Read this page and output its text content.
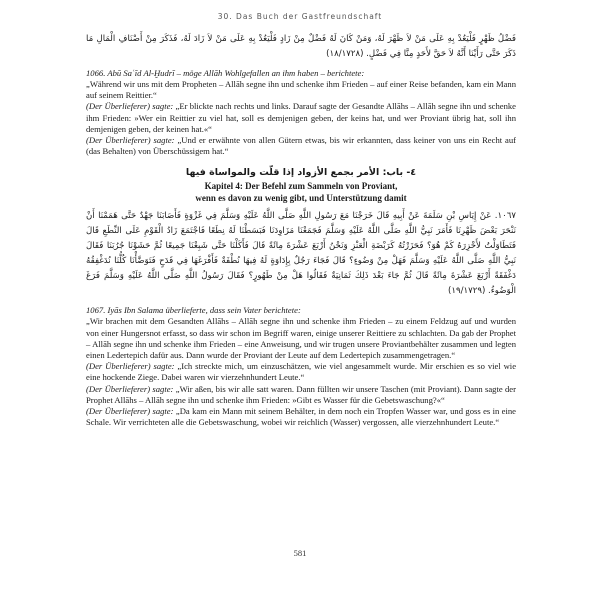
30. Das Buch der Gastfreundschaft

فَضْلُ ظَهْرٍ فَلْيَعُدْ بِهِ عَلَى مَنْ لاَ ظَهْرَ لَهُ، وَمَنْ كَانَ لَهُ فَضْلٌ مِنْ زَادٍ فَلْيَعُدْ بِهِ عَلَى مَنْ لاَ زَادَ لَهُ، فَذَكَرَ مِنْ أَصْنَافِ الْمَالِ مَا ذَكَرَ حَتَّى رَأَيْنَا أَنَّهُ لاَ حَقَّ لأَحَدٍ مِنَّا فِي فَضْلٍ. (١٨/١٧٢٨)

1066. Abū Saʿīd Al-Ḫudrī – möge Allāh Wohlgefallen an ihm haben – berichtete:

„Während wir uns mit dem Propheten – Allāh segne ihn und schenke ihm Frieden – auf einer Reise befanden, kam ein Mann auf seinem Reittier.“

(Der Überlieferer) sagte: „Er blickte nach rechts und links. Darauf sagte der Gesandte Allāhs – Allāh segne ihn und schenke ihm Frieden: »Wer ein Reittier zu viel hat, soll es demjenigen geben, der keins hat, und wer Proviant übrig hat, soll ihn demjenigen geben, der keinen hat.«“

(Der Überlieferer) sagte: „Und er erwähnte von allen Gütern etwas, bis wir erkannten, dass keiner von uns ein Recht auf (das Behalten) von Überschüssigem hat.“

٤- باب: الأمر بجمع الأزواد إذا قلّت والمواساة فيها

Kapitel 4: Der Befehl zum Sammeln von Proviant,
wenn es davon zu wenig gibt, und Unterstützung damit

١٠٦٧. عَنْ إِيَاسِ بْنِ سَلَمَةَ عَنْ أَبِيهِ قَالَ خَرَجْنَا مَعَ رَسُولِ اللَّهِ صَلَّى اللَّهُ عَلَيْهِ وَسَلَّمَ فِي غَزْوَةٍ فَأَصَابَنَا جَهْدٌ حَتَّى هَمَمْنَا أَنْ نَنْحَرَ بَعْضَ ظَهْرِنَا فَأَمَرَ نَبِيُّ اللَّهِ صَلَّى اللَّهُ عَلَيْهِ وَسَلَّمَ فَجَمَعْنَا مَزَاوِدَنَا فَبَسَطْنَا لَهُ نِطَعًا فَاجْتَمَعَ زَادُ الْقَوْمِ عَلَى النِّطَعِ قَالَ فَتَطَاوَلْتُ لأَحْزِرَهُ كَمْ هُوَ؟ فَحَزَرْتُهُ كَرَبْضَةِ الْعَنْزِ وَنَحْنُ أَرْبَعَ عَشْرَةَ مِائَةً قَالَ فَأَكَلْنَا حَتَّى شَبِعْنَا جَمِيعًا ثُمَّ حَشَوْنَا جُرُبَنَا فَقَالَ نَبِيُّ اللَّهِ صَلَّى اللَّهُ عَلَيْهِ وَسَلَّمَ فَهَلْ مِنْ وَضُوءٍ؟ قَالَ فَجَاءَ رَجُلٌ بِإِدَاوَةٍ لَهُ فِيهَا نُطْفَةٌ فَأَفْرَغَهَا فِي قَدَحٍ فَتَوَضَّأْنَا كُلُّنَا نُدَغْفِقُهُ دَغْفَقَةً أَرْبَعَ عَشْرَةَ مِائَةً قَالَ ثُمَّ جَاءَ بَعْدَ ذَلِكَ ثَمَانِيَةٌ فَقَالُوا هَلْ مِنْ طَهُورٍ؟ فَقَالَ رَسُولُ اللَّهِ صَلَّى اللَّهُ عَلَيْهِ وَسَلَّمَ فَرَغَ الْوَضُوءُ. (١٩/١٧٢٩)

1067. Iyās Ibn Salama überlieferte, dass sein Vater berichtete:

„Wir brachen mit dem Gesandten Allāhs – Allāh segne ihn und schenke ihm Frieden – zu einem Feldzug auf und wurden von einer Hungersnot erfasst, so dass wir schon im Begriff waren, einige unserer Reittiere zu schlachten. Da gab der Prophet – Allāh segne ihn und schenke ihm Frieden – eine Anweisung, und wir trugen unsere Proviantbehälter zusammen und legten einen Ledertepich dafür aus. Dann wurde der Proviant der Leute auf dem Ledertepich zusammengetragen.“

(Der Überlieferer) sagte: „Ich streckte mich, um einzuschätzen, wie viel angesammelt wurde. Mir erschien es so viel wie eine hockende Ziege. Dabei waren wir vierzehnhundert Leute.“

(Der Überlieferer) sagte: „Wir aßen, bis wir alle satt waren. Dann füllten wir unsere Taschen (mit Proviant). Dann sagte der Prophet Allāhs – Allāh segne ihn und schenke ihm Frieden: »Gibt es Wasser für die Gebetswaschung?«“

(Der Überlieferer) sagte: „Da kam ein Mann mit seinem Behälter, in dem noch ein Tropfen Wasser war, und goss es in eine Schale. Wir verrichteten alle die Gebetswaschung, wobei wir reichlich (Wasser) vergossen, alle vierzehnhundert Leute.“

581
